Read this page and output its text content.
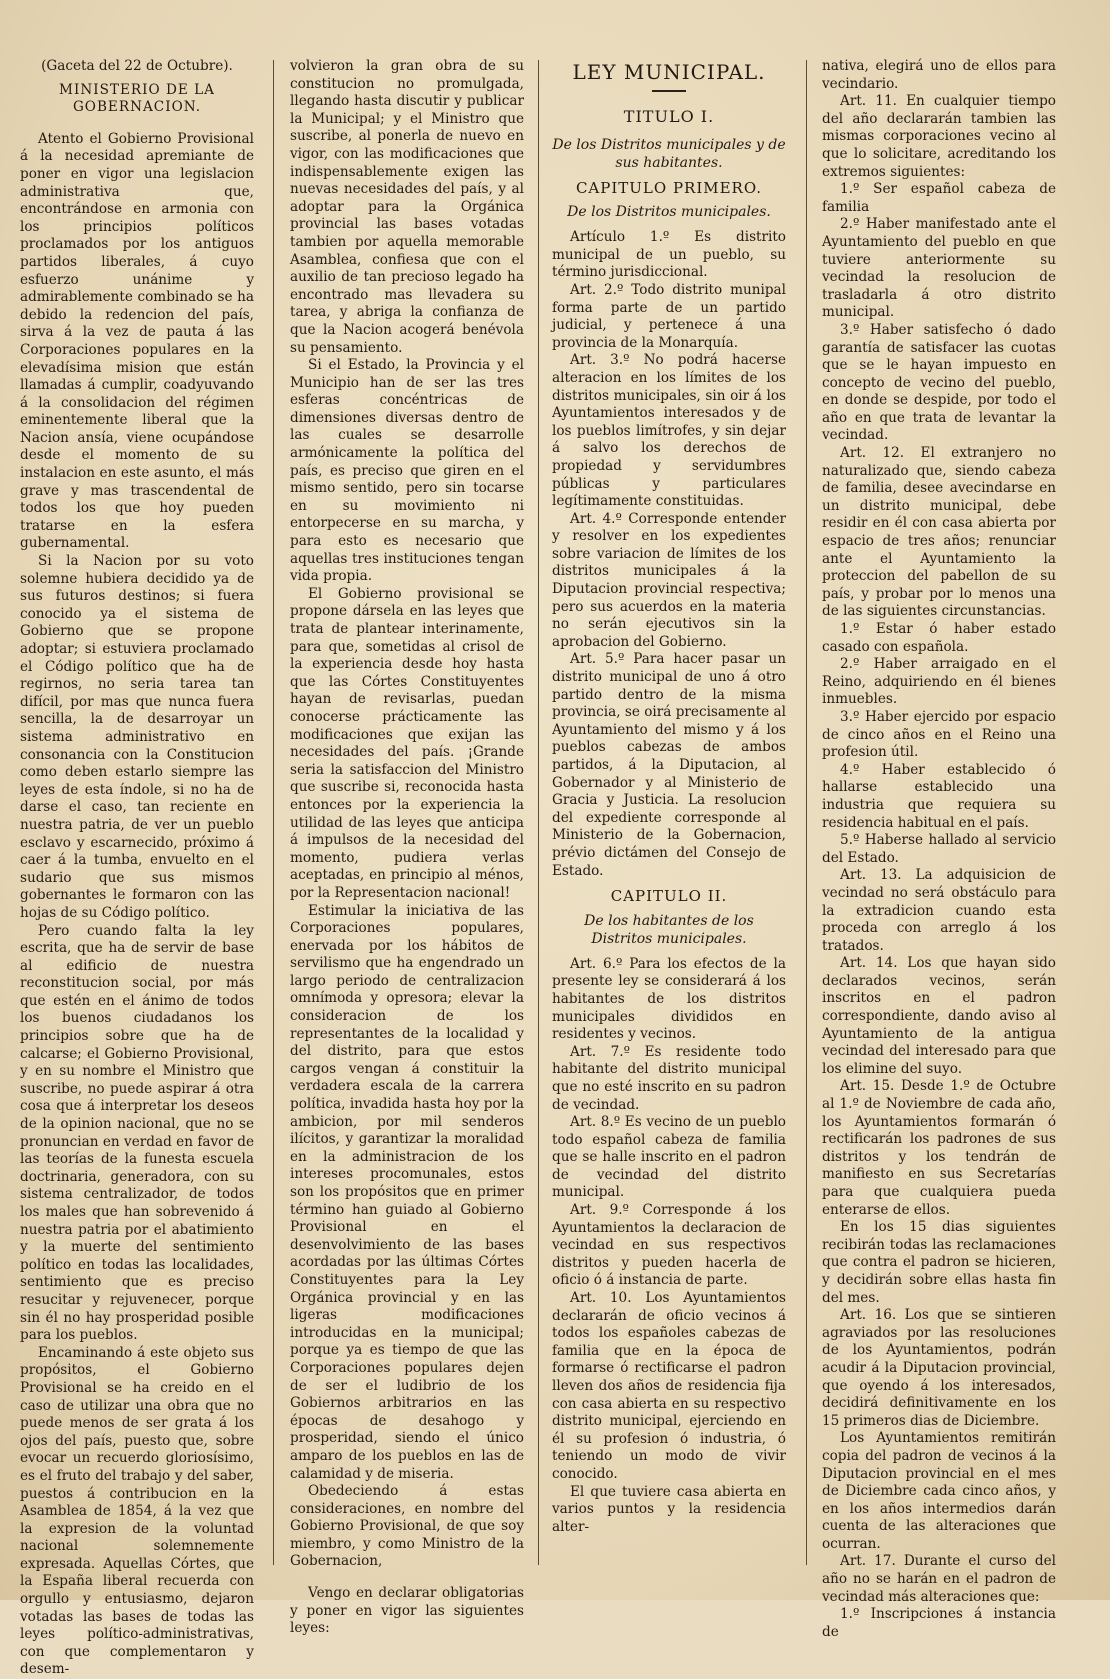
(Gaceta del 22 de Octubre).

MINISTERIO DE LA GOBERNACION.

Atento el Gobierno Provisional á la necesidad apremiante de poner en vigor una legislacion administrativa que, encontrándose en armonia con los principios políticos proclamados por los antiguos partidos liberales, á cuyo esfuerzo unánime y admirablemente combinado se ha debido la redencion del país, sirva á la vez de pauta á las Corporaciones populares en la elevadísima mision que están llamadas á cumplir, coadyuvando á la consolidacion del régimen eminentemente liberal que la Nacion ansía, viene ocupándose desde el momento de su instalacion en este asunto, el más grave y mas trascendental de todos los que hoy pueden tratarse en la esfera gubernamental.

Si la Nacion por su voto solemne hubiera decidido ya de sus futuros destinos; si fuera conocido ya el sistema de Gobierno que se propone adoptar; si estuviera proclamado el Código político que ha de regirnos, no seria tarea tan difícil, por mas que nunca fuera sencilla, la de desarroyar un sistema administrativo en consonancia con la Constitucion como deben estarlo siempre las leyes de esta índole, si no ha de darse el caso, tan reciente en nuestra patria, de ver un pueblo esclavo y escarnecido, próximo á caer á la tumba, envuelto en el sudario que sus mismos gobernantes le formaron con las hojas de su Código político.

Pero cuando falta la ley escrita, que ha de servir de base al edificio de nuestra reconstitucion social, por más que estén en el ánimo de todos los buenos ciudadanos los principios sobre que ha de calcarse; el Gobierno Provisional, y en su nombre el Ministro que suscribe, no puede aspirar á otra cosa que á interpretar los deseos de la opinion nacional, que no se pronuncian en verdad en favor de las teorías de la funesta escuela doctrinaria, generadora, con su sistema centralizador, de todos los males que han sobrevenido á nuestra patria por el abatimiento y la muerte del sentimiento político en todas las localidades, sentimiento que es preciso resucitar y rejuvenecer, porque sin él no hay prosperidad posible para los pueblos.

Encaminando á este objeto sus propósitos, el Gobierno Provisional se ha creido en el caso de utilizar una obra que no puede menos de ser grata á los ojos del país, puesto que, sobre evocar un recuerdo gloriosísimo, es el fruto del trabajo y del saber, puestos á contribucion en la Asamblea de 1854, á la vez que la expresion de la voluntad nacional solemnemente expresada. Aquellas Córtes, que la España liberal recuerda con orgullo y entusiasmo, dejaron votadas las bases de todas las leyes político-administrativas, con que complementaron y desem-

volvieron la gran obra de su constitucion no promulgada, llegando hasta discutir y publicar la Municipal; y el Ministro que suscribe, al ponerla de nuevo en vigor, con las modificaciones que indispensablemente exigen las nuevas necesidades del país, y al adoptar para la Orgánica provincial las bases votadas tambien por aquella memorable Asamblea, confiesa que con el auxilio de tan precioso legado ha encontrado mas llevadera su tarea, y abriga la confianza de que la Nacion acogerá benévola su pensamiento.

Si el Estado, la Provincia y el Municipio han de ser las tres esferas concéntricas de dimensiones diversas dentro de las cuales se desarrolle armónicamente la política del país, es preciso que giren en el mismo sentido, pero sin tocarse en su movimiento ni entorpecerse en su marcha, y para esto es necesario que aquellas tres instituciones tengan vida propia.

El Gobierno provisional se propone dársela en las leyes que trata de plantear interinamente, para que, sometidas al crisol de la experiencia desde hoy hasta que las Córtes Constituyentes hayan de revisarlas, puedan conocerse prácticamente las modificaciones que exijan las necesidades del país. ¡Grande seria la satisfaccion del Ministro que suscribe si, reconocida hasta entonces por la experiencia la utilidad de las leyes que anticipa á impulsos de la necesidad del momento, pudiera verlas aceptadas, en principio al ménos, por la Representacion nacional!

Estimular la iniciativa de las Corporaciones populares, enervada por los hábitos de servilismo que ha engendrado un largo periodo de centralizacion omnímoda y opresora; elevar la consideracion de los representantes de la localidad y del distrito, para que estos cargos vengan á constituir la verdadera escala de la carrera política, invadida hasta hoy por la ambicion, por mil senderos ilícitos, y garantizar la moralidad en la administracion de los intereses procomunales, estos son los propósitos que en primer término han guiado al Gobierno Provisional en el desenvolvimiento de las bases acordadas por las últimas Córtes Constituyentes para la Ley Orgánica provincial y en las ligeras modificaciones introducidas en la municipal; porque ya es tiempo de que las Corporaciones populares dejen de ser el ludibrio de los Gobiernos arbitrarios en las épocas de desahogo y prosperidad, siendo el único amparo de los pueblos en las de calamidad y de miseria.

Obedeciendo á estas consideraciones, en nombre del Gobierno Provisional, de que soy miembro, y como Ministro de la Gobernacion,

Vengo en declarar obligatorias y poner en vigor las siguientes leyes:

LEY MUNICIPAL.
TITULO I.
De los Distritos municipales y de sus habitantes.
CAPITULO PRIMERO.
De los Distritos municipales.

Artículo 1.º Es distrito municipal de un pueblo, su término jurisdiccional.

Art. 2.º Todo distrito munipal forma parte de un partido judicial, y pertenece á una provincia de la Monarquía.

Art. 3.º No podrá hacerse alteracion en los límites de los distritos municipales, sin oir á los Ayuntamientos interesados y de los pueblos limítrofes, y sin dejar á salvo los derechos de propiedad y servidumbres públicas y particulares legítimamente constituidas.

Art. 4.º Corresponde entender y resolver en los expedientes sobre variacion de límites de los distritos municipales á la Diputacion provincial respectiva; pero sus acuerdos en la materia no serán ejecutivos sin la aprobacion del Gobierno.

Art. 5.º Para hacer pasar un distrito municipal de uno á otro partido dentro de la misma provincia, se oirá precisamente al Ayuntamiento del mismo y á los pueblos cabezas de ambos partidos, á la Diputacion, al Gobernador y al Ministerio de Gracia y Justicia. La resolucion del expediente corresponde al Ministerio de la Gobernacion, prévio dictámen del Consejo de Estado.

CAPITULO II.
De los habitantes de los Distritos municipales.

Art. 6.º Para los efectos de la presente ley se considerará á los habitantes de los distritos municipales divididos en residentes y vecinos.

Art. 7.º Es residente todo habitante del distrito municipal que no esté inscrito en su padron de vecindad.

Art. 8.º Es vecino de un pueblo todo español cabeza de familia que se halle inscrito en el padron de vecindad del distrito municipal.

Art. 9.º Corresponde á los Ayuntamientos la declaracion de vecindad en sus respectivos distritos y pueden hacerla de oficio ó á instancia de parte.

Art. 10. Los Ayuntamientos declararán de oficio vecinos á todos los españoles cabezas de familia que en la época de formarse ó rectificarse el padron lleven dos años de residencia fija con casa abierta en su respectivo distrito municipal, ejerciendo en él su profesion ó industria, ó teniendo un modo de vivir conocido.

El que tuviere casa abierta en varios puntos y la residencia alter-

nativa, elegirá uno de ellos para vecindario.

Art. 11. En cualquier tiempo del año declararán tambien las mismas corporaciones vecino al que lo solicitare, acreditando los extremos siguientes:

1.º Ser español cabeza de familia

2.º Haber manifestado ante el Ayuntamiento del pueblo en que tuviere anteriormente su vecindad la resolucion de trasladarla á otro distrito municipal.

3.º Haber satisfecho ó dado garantía de satisfacer las cuotas que se le hayan impuesto en concepto de vecino del pueblo, en donde se despide, por todo el año en que trata de levantar la vecindad.

Art. 12. El extranjero no naturalizado que, siendo cabeza de familia, desee avecindarse en un distrito municipal, debe residir en él con casa abierta por espacio de tres años; renunciar ante el Ayuntamiento la proteccion del pabellon de su país, y probar por lo menos una de las siguientes circunstancias.

1.º Estar ó haber estado casado con española.

2.º Haber arraigado en el Reino, adquiriendo en él bienes inmuebles.

3.º Haber ejercido por espacio de cinco años en el Reino una profesion útil.

4.º Haber establecido ó hallarse establecido una industria que requiera su residencia habitual en el país.

5.º Haberse hallado al servicio del Estado.

Art. 13. La adquisicion de vecindad no será obstáculo para la extradicion cuando esta proceda con arreglo á los tratados.

Art. 14. Los que hayan sido declarados vecinos, serán inscritos en el padron correspondiente, dando aviso al Ayuntamiento de la antigua vecindad del interesado para que los elimine del suyo.

Art. 15. Desde 1.º de Octubre al 1.º de Noviembre de cada año, los Ayuntamientos formarán ó rectificarán los padrones de sus distritos y los tendrán de manifiesto en sus Secretarías para que cualquiera pueda enterarse de ellos.

En los 15 dias siguientes recibirán todas las reclamaciones que contra el padron se hicieren, y decidirán sobre ellas hasta fin del mes.

Art. 16. Los que se sintieren agraviados por las resoluciones de los Ayuntamientos, podrán acudir á la Diputacion provincial, que oyendo á los interesados, decidirá definitivamente en los 15 primeros dias de Diciembre.

Los Ayuntamientos remitirán copia del padron de vecinos á la Diputacion provincial en el mes de Diciembre cada cinco años, y en los años intermedios darán cuenta de las alteraciones que ocurran.

Art. 17. Durante el curso del año no se harán en el padron de vecindad más alteraciones que:

1.º Inscripciones á instancia de
